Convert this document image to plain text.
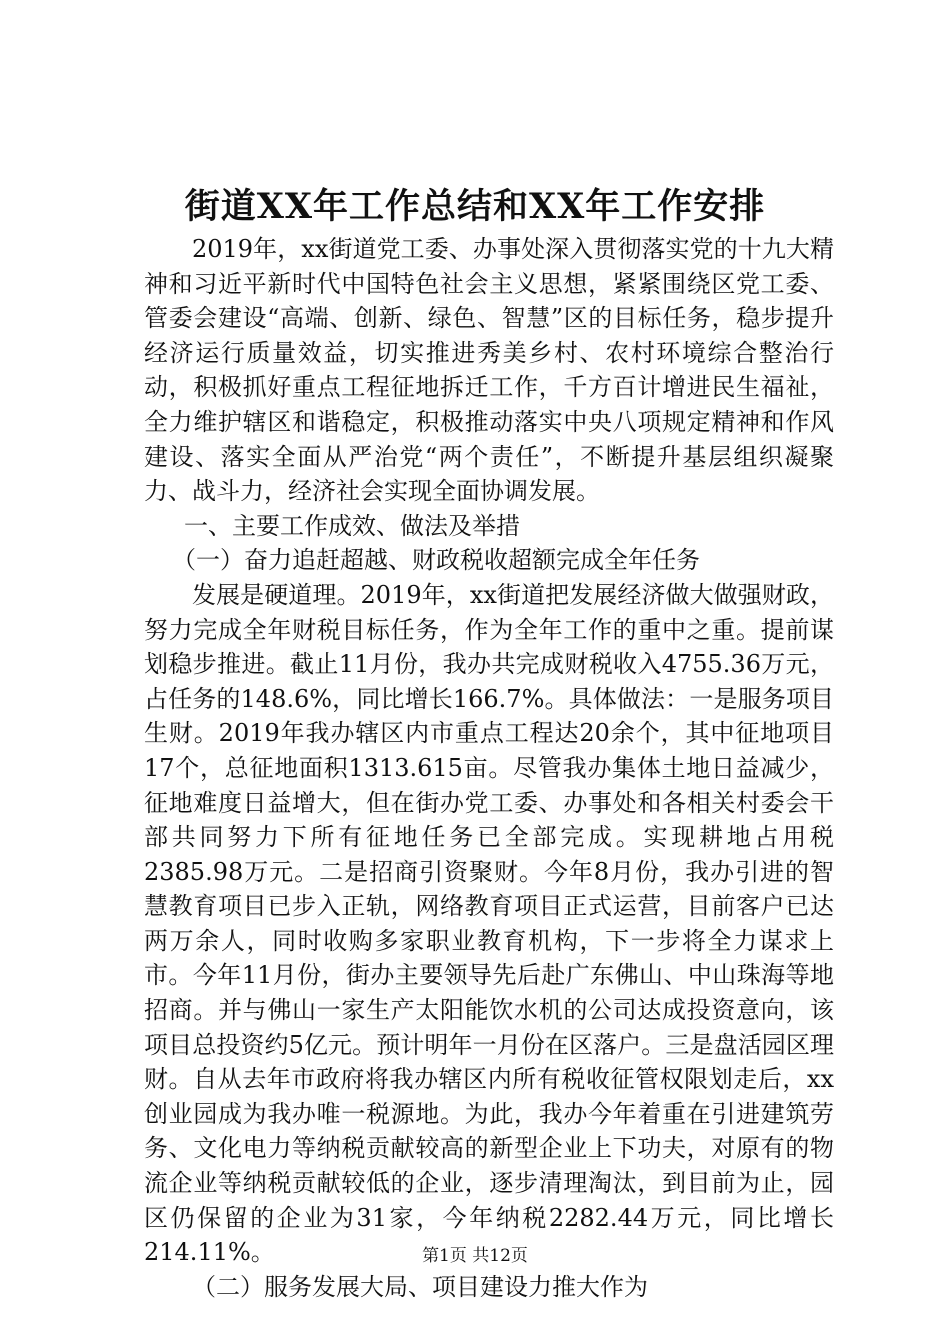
街道XX年工作总结和XX年工作安排

2019年，xx街道党工委、办事处深入贯彻落实党的十九大精神和习近平新时代中国特色社会主义思想，紧紧围绕区党工委、管委会建设“高端、创新、绿色、智慧”区的目标任务，稳步提升经济运行质量效益，切实推进秀美乡村、农村环境综合整治行动，积极抓好重点工程征地拆迁工作，千方百计增进民生福祉，全力维护辖区和谐稳定，积极推动落实中央八项规定精神和作风建设、落实全面从严治党“两个责任”，不断提升基层组织凝聚力、战斗力，经济社会实现全面协调发展。

一、主要工作成效、做法及举措

（一）奋力追赶超越、财政税收超额完成全年任务

发展是硬道理。2019年，xx街道把发展经济做大做强财政，努力完成全年财税目标任务，作为全年工作的重中之重。提前谋划稳步推进。截止11月份，我办共完成财税收入4755.36万元，占任务的148.6%，同比增长166.7%。具体做法：一是服务项目生财。2019年我办辖区内市重点工程达20余个，其中征地项目17个，总征地面积1313.615亩。尽管我办集体土地日益减少，征地难度日益增大，但在街办党工委、办事处和各相关村委会干部共同努力下所有征地任务已全部完成。实现耕地占用税2385.98万元。二是招商引资聚财。今年8月份，我办引进的智慧教育项目已步入正轨，网络教育项目正式运营，目前客户已达两万余人，同时收购多家职业教育机构，下一步将全力谋求上市。今年11月份，街办主要领导先后赴广东佛山、中山珠海等地招商。并与佛山一家生产太阳能饮水机的公司达成投资意向，该项目总投资约5亿元。预计明年一月份在区落户。三是盘活园区理财。自从去年市政府将我办辖区内所有税收征管权限划走后，xx创业园成为我办唯一税源地。为此，我办今年着重在引进建筑劳务、文化电力等纳税贡献较高的新型企业上下功夫，对原有的物流企业等纳税贡献较低的企业，逐步清理淘汰，到目前为止，园区仍保留的企业为31家，今年纳税2282.44万元，同比增长214.11%。

（二）服务发展大局、项目建设力推大作为

第1页 共12页
